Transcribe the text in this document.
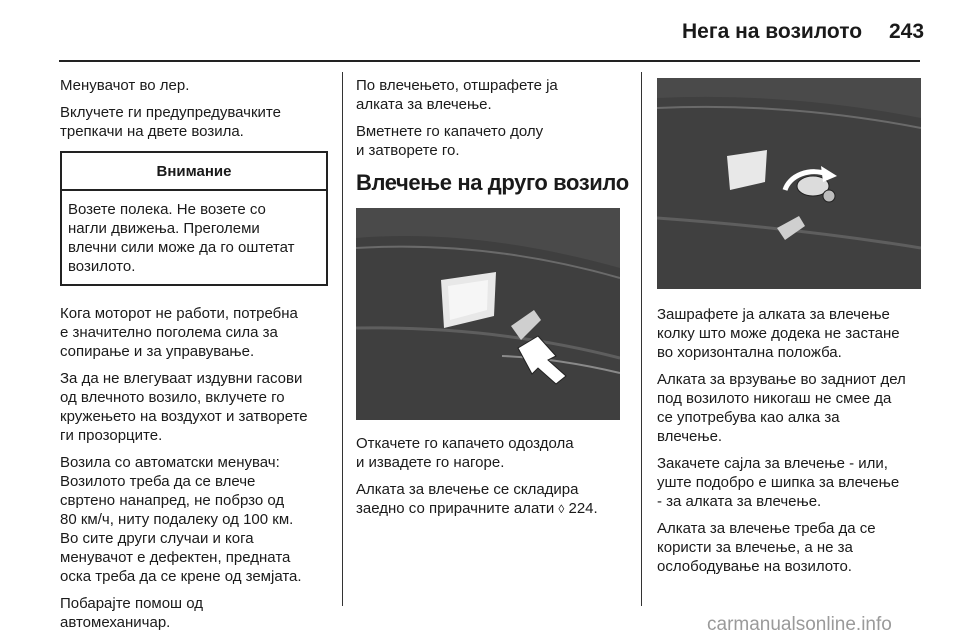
Нега на возилото 243

Менувачот во лер.

Вклучете ги предупредувачките
трепкачи на двете возила.

Внимание
Возете полека. Не возете со
нагли движења. Преголеми
влечни сили може да го оштетат
возилото.

Кога моторот не работи, потребна
е значително поголема сила за
сопирање и за управување.

За да не влегуваат издувни гасови
од влечното возило, вклучете го
кружењето на воздухот и затворете
ги прозорците.

Возила со автоматски менувач:
Возилото треба да се влече
свртено нанапред, не побрзо од
80 км/ч, ниту подалеку од 100 км.
Во сите други случаи и кога
менувачот е дефектен, предната
оска треба да се крене од земјата.

Побарајте помош од
автомеханичар.

По влечењето, отшрафете ја
алката за влечење.

Вметнете го капачето долу
и затворете го.

Влечење на друго возило

Откачете го капачето одоздола
и извадете го нагоре.

Алката за влечење се складира
заедно со прирачните алати ◊ 224.

Зашрафете ја алката за влечење
колку што може додека не застане
во хоризонтална положба.

Алката за врзување во задниот дел
под возилото никогаш не смее да
се употребува као алка за
влечење.

Закачете сајла за влечење - или,
уште подобро е шипка за влечење
- за алката за влечење.

Алката за влечење треба да се
користи за влечење, а не за
ослободување на возилото.

carmanualsonline.info
